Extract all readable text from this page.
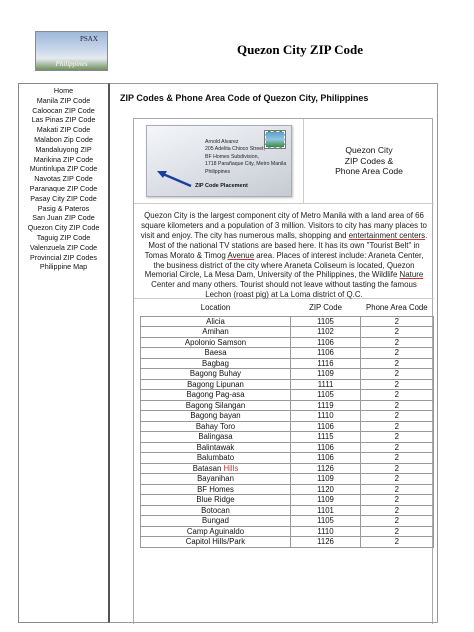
PSAX
Philippines
Quezon City ZIP Code
Home
Manila ZIP Code
Caloocan ZIP Code
Las Pinas ZIP Code
Makati ZIP Code
Malabon Zip Code
Mandaluyong ZIP
Marikina ZIP Code
Muntinlupa ZIP Code
Navotas ZIP Code
Paranaque ZIP Code
Pasay City ZIP Code
Pasig & Pateros
San Juan ZIP Code
Quezon City ZIP Code
Taguig ZIP Code
Valenzuela ZIP Code
Provincial ZIP Codes
Philippine Map
ZIP Codes & Phone Area Code of Quezon City, Philippines
Arnold Alvarez
205 Adelita Chioco Street,
BF Homes Subdivision,
1718 Parañaque City, Metro Manila
Philippines
ZIP Code Placement
Quezon City
ZIP Codes &
Phone Area Code
Quezon City is the largest component city of Metro Manila with a land area of 66 square kilometers and a population of 3 million. Visitors to city has many places to visit and enjoy. The city has numerous malls, shopping and entertainment centers. Most of the national TV stations are based here. It has its own "Tourist Belt" in Tomas Morato & Timog Avenue area. Places of interest include: Araneta Center, the business district of the city where Araneta Coliseum is located, Quezon Memorial Circle, La Mesa Dam, University of the Philippines, the Wildlife Nature Center and many others. Tourist should not leave without tasting the famous Lechon (roast pig) at La Loma district of Q.C.
	Location	ZIP Code	Phone Area Code
	Alicia	1105	2
	Amihan	1102	2
	Apolonio Samson	1106	2
	Baesa	1106	2
	Bagbag	1116	2
	Bagong Buhay	1109	2
	Bagong Lipunan	1111	2
	Bagong Pag-asa	1105	2
	Bagong Silangan	1119	2
	Bagong bayan	1110	2
	Bahay Toro	1106	2
	Balingasa	1115	2
	Balintawak	1106	2
	Balumbato	1106	2
	Batasan Hills	1126	2
	Bayanihan	1109	2
	BF Homes	1120	2
	Blue Ridge	1109	2
	Botocan	1101	2
	Bungad	1105	2
	Camp Aguinaldo	1110	2
	Capitol Hills/Park	1126	2
